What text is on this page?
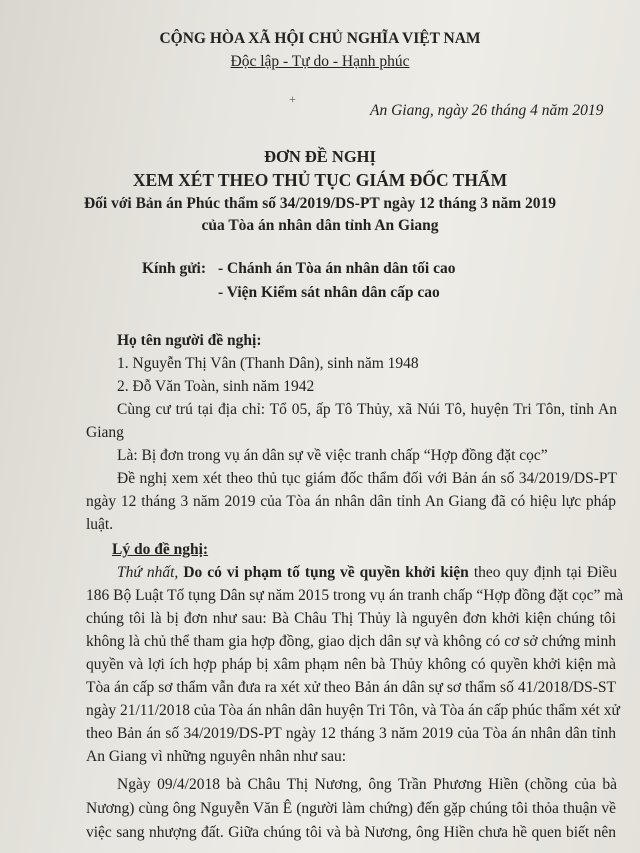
CỘNG HÒA XÃ HỘI CHỦ NGHĨA VIỆT NAM
Độc lập - Tự do - Hạnh phúc
+
An Giang, ngày 26 tháng 4 năm 2019
ĐƠN ĐỀ NGHỊ
XEM XÉT THEO THỦ TỤC GIÁM ĐỐC THẨM
Đối với Bản án Phúc thẩm số 34/2019/DS-PT ngày 12 tháng 3 năm 2019
của Tòa án nhân dân tỉnh An Giang
Kính gửi: - Chánh án Tòa án nhân dân tối cao
- Viện Kiểm sát nhân dân cấp cao
Họ tên người đề nghị:
1. Nguyễn Thị Vân (Thanh Dân), sinh năm 1948
2. Đỗ Văn Toàn, sinh năm 1942
Cùng cư trú tại địa chỉ: Tổ 05, ấp Tô Thủy, xã Núi Tô, huyện Tri Tôn, tỉnh An
Giang
Là: Bị đơn trong vụ án dân sự về việc tranh chấp “Hợp đồng đặt cọc”
Đề nghị xem xét theo thủ tục giám đốc thẩm đối với Bản án số 34/2019/DS-PT
ngày 12 tháng 3 năm 2019 của Tòa án nhân dân tỉnh An Giang đã có hiệu lực pháp
luật.
Lý do đề nghị:
Thứ nhất, Do có vi phạm tố tụng về quyền khởi kiện theo quy định tại Điều
186 Bộ Luật Tố tụng Dân sự năm 2015 trong vụ án tranh chấp “Hợp đồng đặt cọc” mà
chúng tôi là bị đơn như sau: Bà Châu Thị Thủy là nguyên đơn khởi kiện chúng tôi
không là chủ thể tham gia hợp đồng, giao dịch dân sự và không có cơ sở chứng minh
quyền và lợi ích hợp pháp bị xâm phạm nên bà Thủy không có quyền khởi kiện mà
Tòa án cấp sơ thẩm vẫn đưa ra xét xử theo Bản án dân sự sơ thẩm số 41/2018/DS-ST
ngày 21/11/2018 của Tòa án nhân dân huyện Tri Tôn, và Tòa án cấp phúc thẩm xét xử
theo Bản án số 34/2019/DS-PT ngày 12 tháng 3 năm 2019 của Tòa án nhân dân tỉnh
An Giang vì những nguyên nhân như sau:
Ngày 09/4/2018 bà Châu Thị Nương, ông Trần Phương Hiền (chồng của bà
Nương) cùng ông Nguyễn Văn Ê (người làm chứng) đến gặp chúng tôi thỏa thuận về
việc sang nhượng đất. Giữa chúng tôi và bà Nương, ông Hiền chưa hề quen biết nên
